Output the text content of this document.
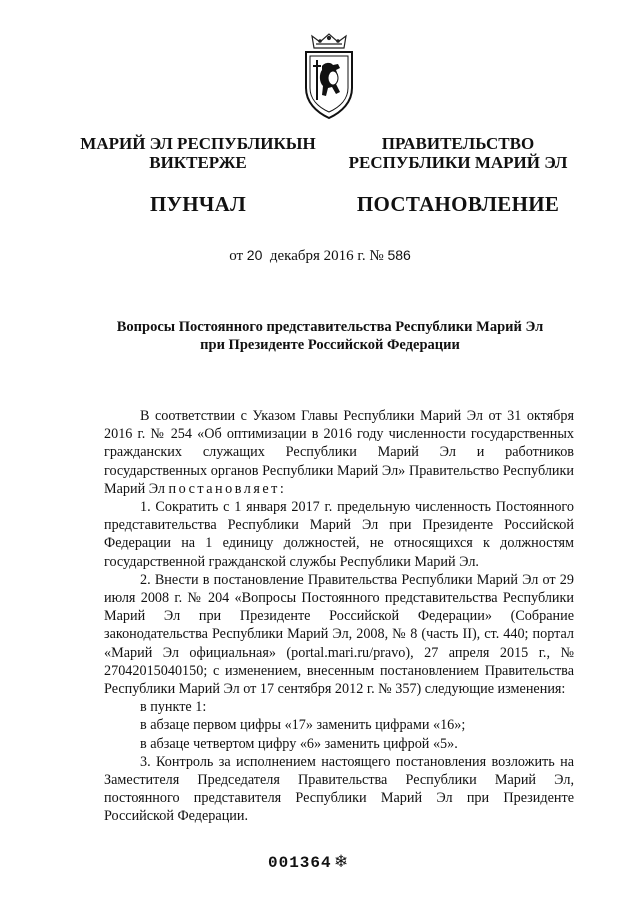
МАРИЙ ЭЛ РЕСПУБЛИКЫН
ВИКТЕРЖЕ
ПУНЧАЛ
ПРАВИТЕЛЬСТВО
РЕСПУБЛИКИ МАРИЙ ЭЛ
ПОСТАНОВЛЕНИЕ
от 20 декабря 2016 г. № 586
Вопросы Постоянного представительства Республики Марий Эл
при Президенте Российской Федерации

В соответствии с Указом Главы Республики Марий Эл от 31 октября 2016 г. № 254 «Об оптимизации в 2016 году численности государственных гражданских служащих Республики Марий Эл и работников государственных органов Республики Марий Эл» Правительство Республики Марий Эл постановляет:

1. Сократить с 1 января 2017 г. предельную численность Постоянного представительства Республики Марий Эл при Президенте Российской Федерации на 1 единицу должностей, не относящихся к должностям государственной гражданской службы Республики Марий Эл.

2. Внести в постановление Правительства Республики Марий Эл от 29 июля 2008 г. № 204 «Вопросы Постоянного представительства Республики Марий Эл при Президенте Российской Федерации» (Собрание законодательства Республики Марий Эл, 2008, № 8 (часть II), ст. 440; портал «Марий Эл официальная» (portal.mari.ru/pravo), 27 апреля 2015 г., № 27042015040150; с изменением, внесенным постановлением Правительства Республики Марий Эл от 17 сентября 2012 г. № 357) следующие изменения:

в пункте 1:

в абзаце первом цифры «17» заменить цифрами «16»;

в абзаце четвертом цифру «6» заменить цифрой «5».

3. Контроль за исполнением настоящего постановления возложить на Заместителя Председателя Правительства Республики Марий Эл, постоянного представителя Республики Марий Эл при Президенте Российской Федерации.

001364 ❄
